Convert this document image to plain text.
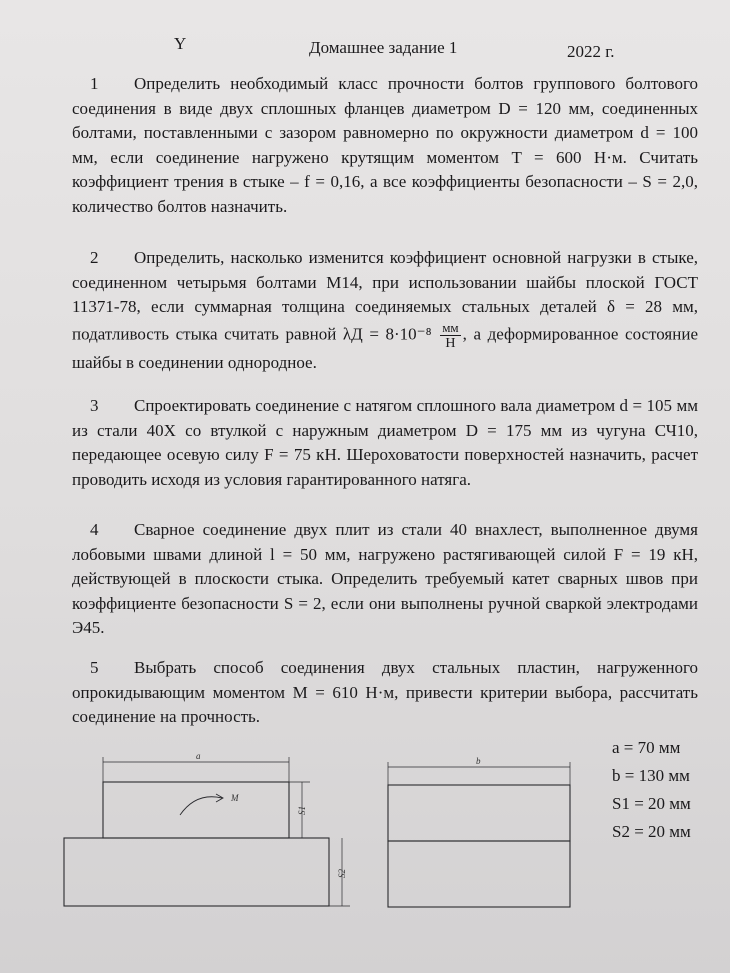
Y	Домашнее задание 1	2022 г.
1 Определить необходимый класс прочности болтов группового болтового соединения в виде двух сплошных фланцев диаметром D = 120 мм, соединенных болтами, поставленными с зазором равномерно по окружности диаметром d = 100 мм, если соединение нагружено крутящим моментом T = 600 Н·м. Считать коэффициент трения в стыке – f = 0,16, а все коэффициенты безопасности – S = 2,0, количество болтов назначить.
2 Определить, насколько изменится коэффициент основной нагрузки в стыке, соединенном четырьмя болтами М14, при использовании шайбы плоской ГОСТ 11371-78, если суммарная толщина соединяемых стальных деталей δ = 28 мм, податливость стыка считать равной $\lambda Д = 8\cdot 10^{-8} \frac{мм}{Н}$ , а деформированное состояние шайбы в соединении однородное.
3 Спроектировать соединение с натягом сплошного вала диаметром d = 105 мм из стали 40Х со втулкой с наружным диаметром D = 175 мм из чугуна СЧ10, передающее осевую силу F = 75 кН. Шероховатости поверхностей назначить, расчет проводить исходя из условия гарантированного натяга.
4 Сварное соединение двух плит из стали 40 внахлест, выполненное двумя лобовыми швами длиной l = 50 мм, нагружено растягивающей силой F = 19 кН, действующей в плоскости стыка. Определить требуемый катет сварных швов при коэффициенте безопасности S = 2, если они выполнены ручной сваркой электродами Э45.
5 Выбрать способ соединения двух стальных пластин, нагруженного опрокидывающим моментом M = 610 Н·м, привести критерии выбора, рассчитать соединение на прочность.
a
M
b
S1
S2
a = 70 мм
b = 130 мм
S1 = 20 мм
S2 = 20 мм
